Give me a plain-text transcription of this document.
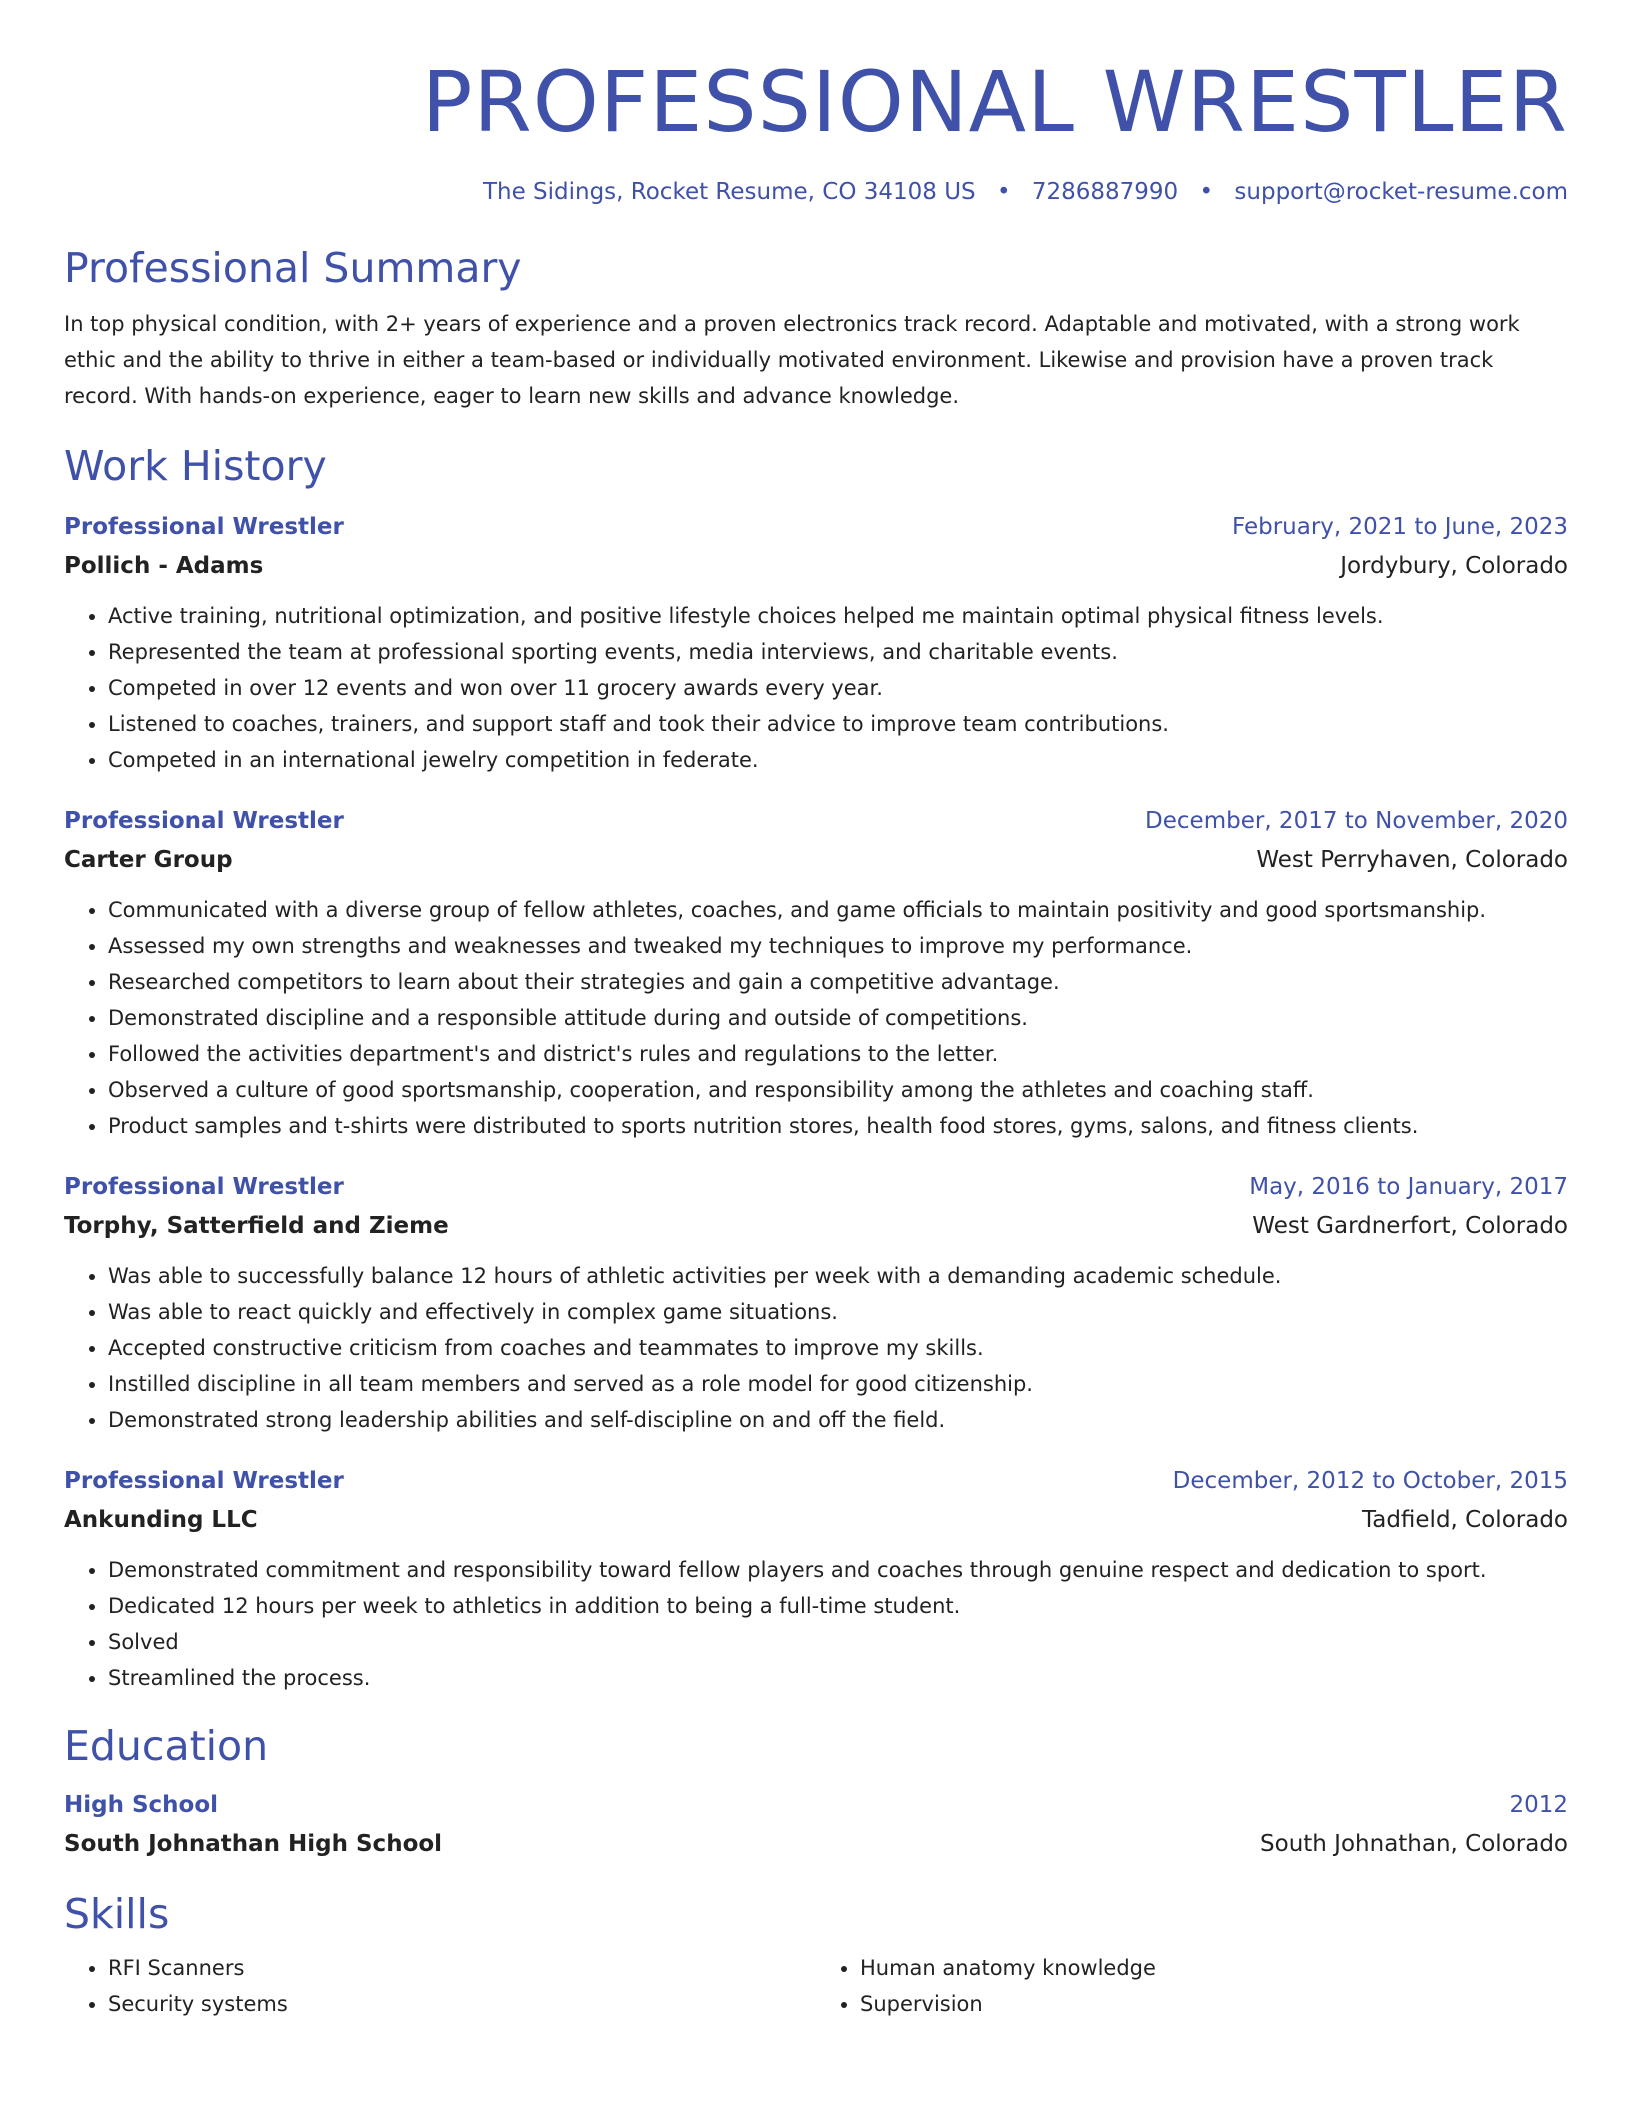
PROFESSIONAL WRESTLER
The Sidings, Rocket Resume, CO 34108 US • 7286887990 • support@rocket-resume.com
Professional Summary

In top physical condition, with 2+ years of experience and a proven electronics track record. Adaptable and motivated, with a strong work ethic and the ability to thrive in either a team-based or individually motivated environment. Likewise and provision have a proven track record. With hands-on experience, eager to learn new skills and advance knowledge.

Work History
Professional Wrestler	February, 2021 to June, 2023
Pollich - Adams	Jordybury, Colorado
• Active training, nutritional optimization, and positive lifestyle choices helped me maintain optimal physical fitness levels.
• Represented the team at professional sporting events, media interviews, and charitable events.
• Competed in over 12 events and won over 11 grocery awards every year.
• Listened to coaches, trainers, and support staff and took their advice to improve team contributions.
• Competed in an international jewelry competition in federate.
Professional Wrestler	December, 2017 to November, 2020
Carter Group	West Perryhaven, Colorado
• Communicated with a diverse group of fellow athletes, coaches, and game officials to maintain positivity and good sportsmanship.
• Assessed my own strengths and weaknesses and tweaked my techniques to improve my performance.
• Researched competitors to learn about their strategies and gain a competitive advantage.
• Demonstrated discipline and a responsible attitude during and outside of competitions.
• Followed the activities department's and district's rules and regulations to the letter.
• Observed a culture of good sportsmanship, cooperation, and responsibility among the athletes and coaching staff.
• Product samples and t-shirts were distributed to sports nutrition stores, health food stores, gyms, salons, and fitness clients.
Professional Wrestler	May, 2016 to January, 2017
Torphy, Satterfield and Zieme	West Gardnerfort, Colorado
• Was able to successfully balance 12 hours of athletic activities per week with a demanding academic schedule.
• Was able to react quickly and effectively in complex game situations.
• Accepted constructive criticism from coaches and teammates to improve my skills.
• Instilled discipline in all team members and served as a role model for good citizenship.
• Demonstrated strong leadership abilities and self-discipline on and off the field.
Professional Wrestler	December, 2012 to October, 2015
Ankunding LLC	Tadfield, Colorado
• Demonstrated commitment and responsibility toward fellow players and coaches through genuine respect and dedication to sport.
• Dedicated 12 hours per week to athletics in addition to being a full-time student.
• Solved
• Streamlined the process.
Education
High School	2012
South Johnathan High School	South Johnathan, Colorado
Skills
• RFI Scanners
• Security systems
• Human anatomy knowledge
• Supervision
